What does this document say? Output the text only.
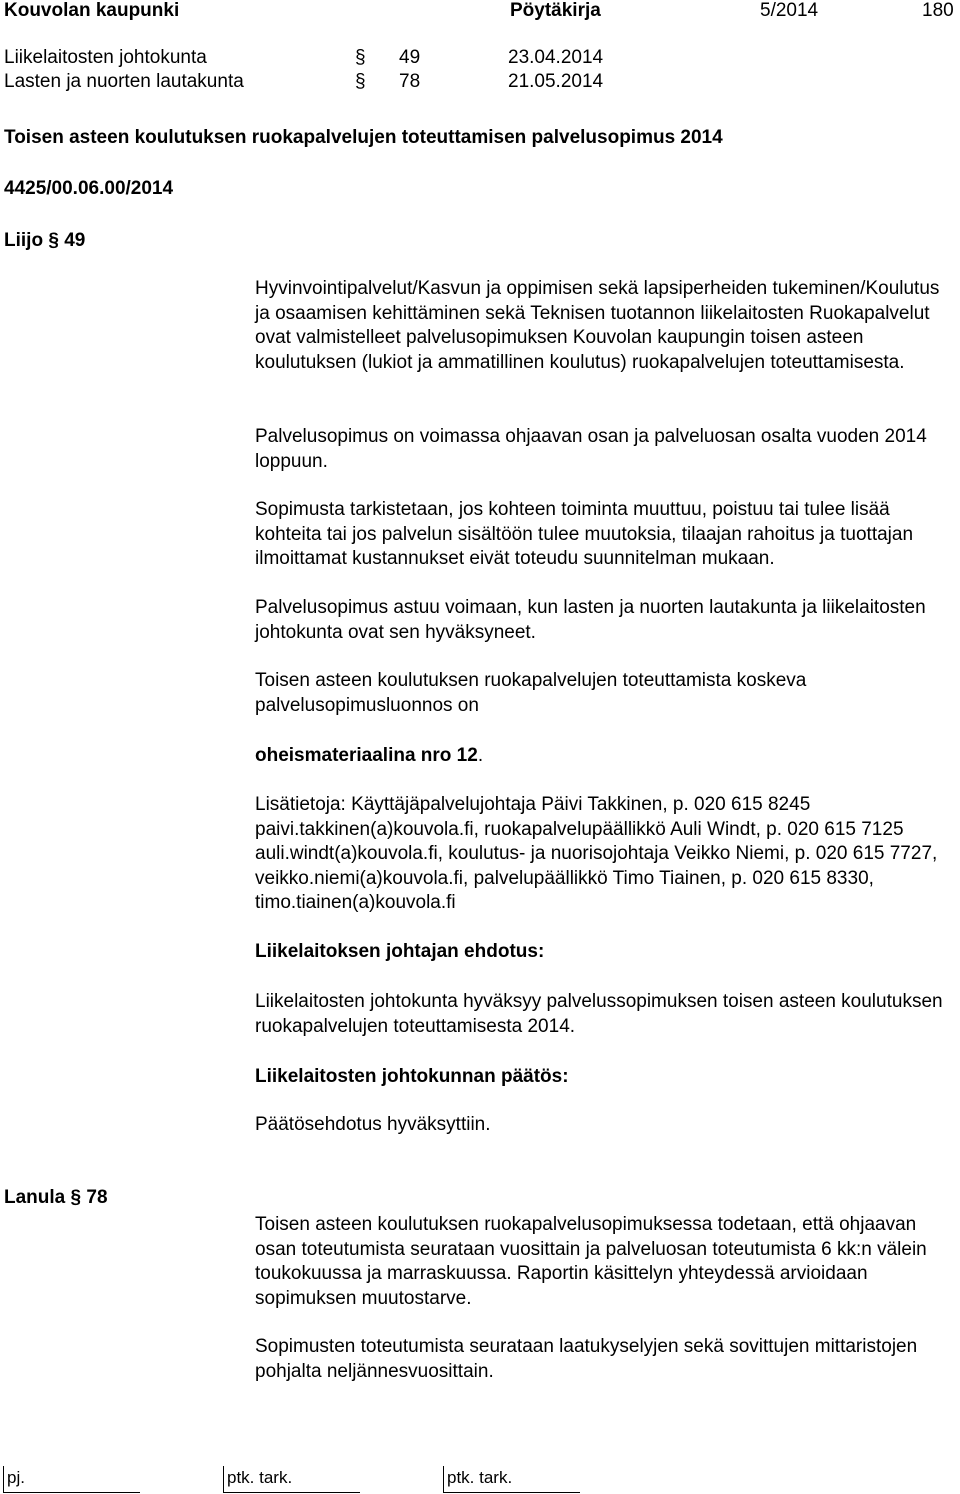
Kouvolan kaupunki	Pöytäkirja	5/2014	180
Liikelaitosten johtokunta	§ 49	23.04.2014
Lasten ja nuorten lautakunta	§ 78	21.05.2014
Toisen asteen koulutuksen ruokapalvelujen toteuttamisen palvelusopimus 2014
4425/00.06.00/2014
Liijo § 49
Hyvinvointipalvelut/Kasvun ja oppimisen sekä lapsiperheiden tukeminen/Koulutus ja osaamisen kehittäminen sekä Teknisen tuotannon liikelaitosten Ruokapalvelut ovat valmistelleet palvelusopimuksen Kouvolan kaupungin toisen asteen koulutuksen (lukiot ja ammatillinen koulutus) ruokapalvelujen toteuttamisesta.
Palvelusopimus on voimassa ohjaavan osan ja palveluosan osalta vuoden 2014 loppuun.
Sopimusta tarkistetaan, jos kohteen toiminta muuttuu, poistuu tai tulee lisää kohteita tai jos palvelun sisältöön tulee muutoksia, tilaajan rahoitus ja tuottajan ilmoittamat kustannukset eivät toteudu suunnitelman mukaan.
Palvelusopimus astuu voimaan, kun lasten ja nuorten lautakunta ja liikelaitosten johtokunta ovat sen hyväksyneet.
Toisen asteen koulutuksen ruokapalvelujen toteuttamista koskeva palvelusopimusluonnos on
oheismateriaalina nro 12.
Lisätietoja: Käyttäjäpalvelujohtaja Päivi Takkinen, p. 020 615 8245 paivi.takkinen(a)kouvola.fi, ruokapalvelupäällikkö Auli Windt, p. 020 615 7125 auli.windt(a)kouvola.fi, koulutus- ja nuorisojohtaja Veikko Niemi, p. 020 615 7727, veikko.niemi(a)kouvola.fi, palvelupäällikkö Timo Tiainen, p. 020 615 8330, timo.tiainen(a)kouvola.fi
Liikelaitoksen johtajan ehdotus:
Liikelaitosten johtokunta hyväksyy palvelussopimuksen toisen asteen koulutuksen ruokapalvelujen toteuttamisesta 2014.
Liikelaitosten johtokunnan päätös:
Päätösehdotus hyväksyttiin.
Lanula § 78
Toisen asteen koulutuksen ruokapalvelusopimuksessa todetaan, että ohjaavan osan toteutumista seurataan vuosittain ja palveluosan toteutumista 6 kk:n välein toukokuussa ja marraskuussa. Raportin käsittelyn yhteydessä arvioidaan sopimuksen muutostarve.
Sopimusten toteutumista seurataan laatukyselyjen sekä sovittujen mittaristojen pohjalta neljännesvuosittain.
pj.	ptk. tark.	ptk. tark.
